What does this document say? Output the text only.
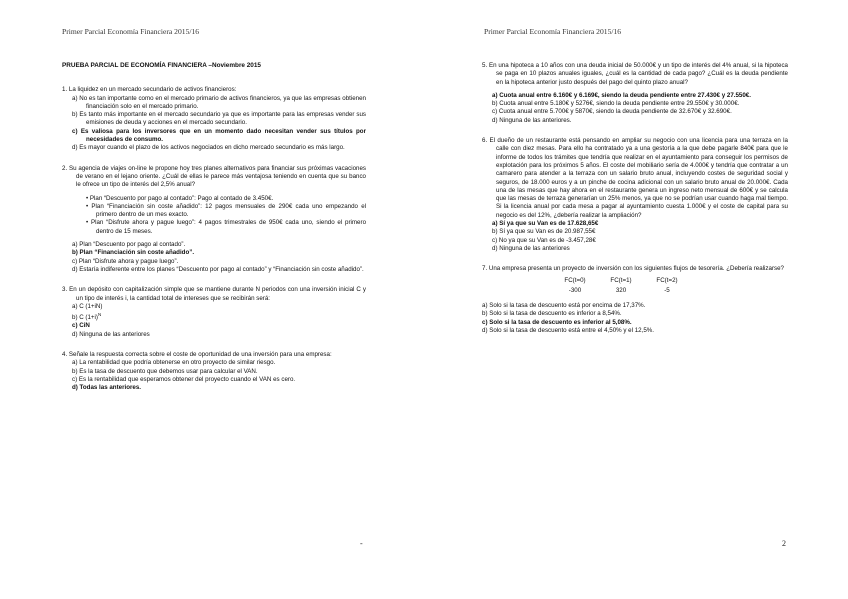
Primer Parcial Economía Financiera 2015/16
PRUEBA PARCIAL DE ECONOMÍA FINANCIERA –Noviembre 2015
1. La liquidez en un mercado secundario de activos financieros:
a) No es tan importante como en el mercado primario de activos financieros, ya que las empresas obtienen financiación solo en el mercado primario.
b) Es tanto más importante en el mercado secundario ya que es importante para las empresas vender sus emisiones de deuda y acciones en el mercado secundario.
c) Es valiosa para los inversores que en un momento dado necesitan vender sus títulos por necesidades de consumo.
d) Es mayor cuando el plazo de los activos negociados en dicho mercado secundario es más largo.
2. Su agencia de viajes on-line le propone hoy tres planes alternativos para financiar sus próximas vacaciones de verano en el lejano oriente. ¿Cuál de ellas le parece más ventajosa teniendo en cuenta que su banco le ofrece un tipo de interés del 2,5% anual?
• Plan “Descuento por pago al contado”: Pago al contado de 3.450€.
• Plan “Financiación sin coste añadido”: 12 pagos mensuales de 290€ cada uno empezando el primero dentro de un mes exacto.
• Plan “Disfrute ahora y pague luego”: 4 pagos trimestrales de 950€ cada uno, siendo el primero dentro de 15 meses.
a) Plan “Descuento por pago al contado”.
b) Plan “Financiación sin coste añadido”.
c) Plan “Disfrute ahora y pague luego”.
d) Estaría indiferente entre los planes “Descuento por pago al contado” y “Financiación sin coste añadido”.
3. En un depósito con capitalización simple que se mantiene durante N periodos con una inversión inicial C y un tipo de interés i, la cantidad total de intereses que se recibirán será:
a) C (1+iN)
b) C $(1+i)^N$
c) CiN
d) Ninguna de las anteriores
4. Señale la respuesta correcta sobre el coste de oportunidad de una inversión para una empresa:
a) La rentabilidad que podría obtenerse en otro proyecto de similar riesgo.
b) Es la tasa de descuento que debemos usar para calcular el VAN.
c) Es la rentabilidad que esperamos obtener del proyecto cuando el VAN es cero.
d) Todas las anteriores.
-
Primer Parcial Economía Financiera 2015/16
5. En una hipoteca a 10 años con una deuda inicial de 50.000€ y un tipo de interés del 4% anual, si la hipoteca se paga en 10 plazos anuales iguales, ¿cuál es la cantidad de cada pago? ¿Cuál es la deuda pendiente en la hipoteca anterior justo después del pago del quinto plazo anual?
a) Cuota anual entre 6.160€ y 6.169€, siendo la deuda pendiente entre 27.430€ y 27.550€.
b) Cuota anual entre 5.180€ y 5276€, siendo la deuda pendiente entre 29.550€ y 30.000€.
c) Cuota anual entre 5.700€ y 5870€, siendo la deuda pendiente de 32.670€ y 32.690€.
d) Ninguna de las anteriores.
6. El dueño de un restaurante está pensando en ampliar su negocio con una licencia para una terraza en la calle con diez mesas. Para ello ha contratado ya a una gestoría a la que debe pagarle 840€ para que le informe de todos los trámites que tendría que realizar en el ayuntamiento para conseguir los permisos de explotación para los próximos 5 años. El coste del mobiliario sería de 4.000€ y tendría que contratar a un camarero para atender a la terraza con un salario bruto anual, incluyendo costes de seguridad social y seguros, de 18.000 euros y a un pinche de cocina adicional con un salario bruto anual de 20.000€. Cada una de las mesas que hay ahora en el restaurante genera un ingreso neto mensual de 600€ y se calcula que las mesas de terraza generarían un 25% menos, ya que no se podrían usar cuando haga mal tiempo. Si la licencia anual por cada mesa a pagar al ayuntamiento cuesta 1.000€ y el coste de capital para su negocio es del 12%, ¿debería realizar la ampliación?
a) Sí ya que su Van es de 17.628,65€
b) Sí ya que su Van es de 20.987,55€
c) No ya que su Van es de -3.457,28€
d) Ninguna de las anteriores
7. Una empresa presenta un proyecto de inversión con los siguientes flujos de tesorería. ¿Debería realizarse?
FC(t=0)	FC(t=1)	FC(t=2)
-300	320	-5
a) Solo si la tasa de descuento está por encima de 17,37%.
b) Solo si la tasa de descuento es inferior a 8,54%.
c) Solo si la tasa de descuento es inferior al 5,08%.
d) Solo si la tasa de descuento está entre el 4,50% y el 12,5%.
2
